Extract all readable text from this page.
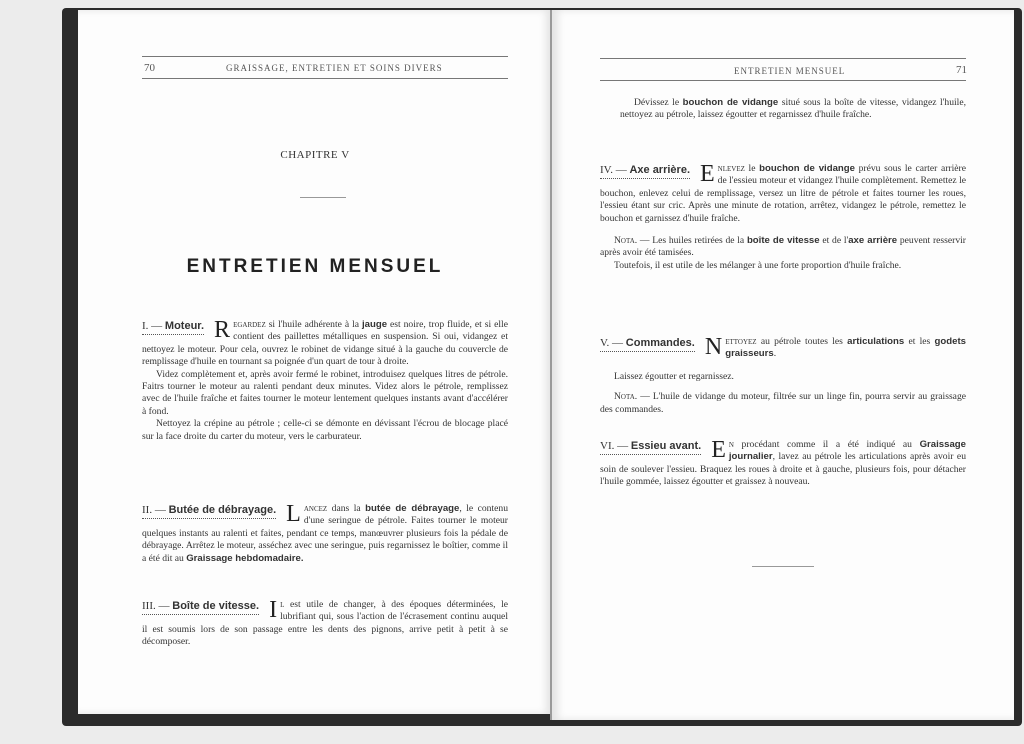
70	GRAISSAGE, ENTRETIEN ET SOINS DIVERS
CHAPITRE V
ENTRETIEN MENSUEL

I. — Moteur. R egardez si l'huile adhérente à la jauge est noire, trop fluide, et si elle contient des paillettes métalliques en suspension. Si oui, vidangez et nettoyez le moteur. Pour cela, ouvrez le robinet de vidange situé à la gauche du couvercle de remplissage d'huile en tournant sa poignée d'un quart de tour à droite.

Videz complètement et, après avoir fermé le robinet, introduisez quelques litres de pétrole. Faitrs tourner le moteur au ralenti pendant deux minutes. Videz alors le pétrole, remplissez avec de l'huile fraîche et faites tourner le moteur lentement quelques instants avant d'accélérer à fond.

Nettoyez la crépine au pétrole ; celle-ci se démonte en dévissant l'écrou de blocage placé sur la face droite du carter du moteur, vers le carburateur.

II. — Butée de débrayage. L ancez dans la butée de débrayage, le contenu d'une seringue de pétrole. Faites tourner le moteur quelques instants au ralenti et faites, pendant ce temps, manœuvrer plusieurs fois la pédale de débrayage. Arrêtez le moteur, asséchez avec une seringue, puis regarnissez le boîtier, comme il a été dit au Graissage hebdomadaire.

III. — Boîte de vitesse. I l est utile de changer, à des époques déterminées, le lubrifiant qui, sous l'action de l'écrasement continu auquel il est soumis lors de son passage entre les dents des pignons, arrive petit à petit à se décomposer.

ENTRETIEN MENSUEL	71

Dévissez le bouchon de vidange situé sous la boîte de vitesse, vidangez l'huile, nettoyez au pétrole, laissez égoutter et regarnissez d'huile fraîche.

IV. — Axe arrière. E nlevez le bouchon de vidange prévu sous le carter arrière de l'essieu moteur et vidangez l'huile complètement. Remettez le bouchon, enlevez celui de remplissage, versez un litre de pétrole et faites tourner les roues, l'essieu étant sur cric. Après une minute de rotation, arrêtez, vidangez le pétrole, remettez le bouchon et garnissez d'huile fraîche.

Nota. — Les huiles retirées de la boîte de vitesse et de l'axe arrière peuvent resservir après avoir été tamisées.

Toutefois, il est utile de les mélanger à une forte proportion d'huile fraîche.

V. — Commandes. N ettoyez au pétrole toutes les articulations et les godets graisseurs.

Laissez égoutter et regarnissez.

Nota. — L'huile de vidange du moteur, filtrée sur un linge fin, pourra servir au graissage des commandes.

VI. — Essieu avant. E n procédant comme il a été indiqué au Graissage journalier, lavez au pétrole les articulations après avoir eu soin de soulever l'essieu. Braquez les roues à droite et à gauche, plusieurs fois, pour détacher l'huile gommée, laissez égoutter et graissez à nouveau.
